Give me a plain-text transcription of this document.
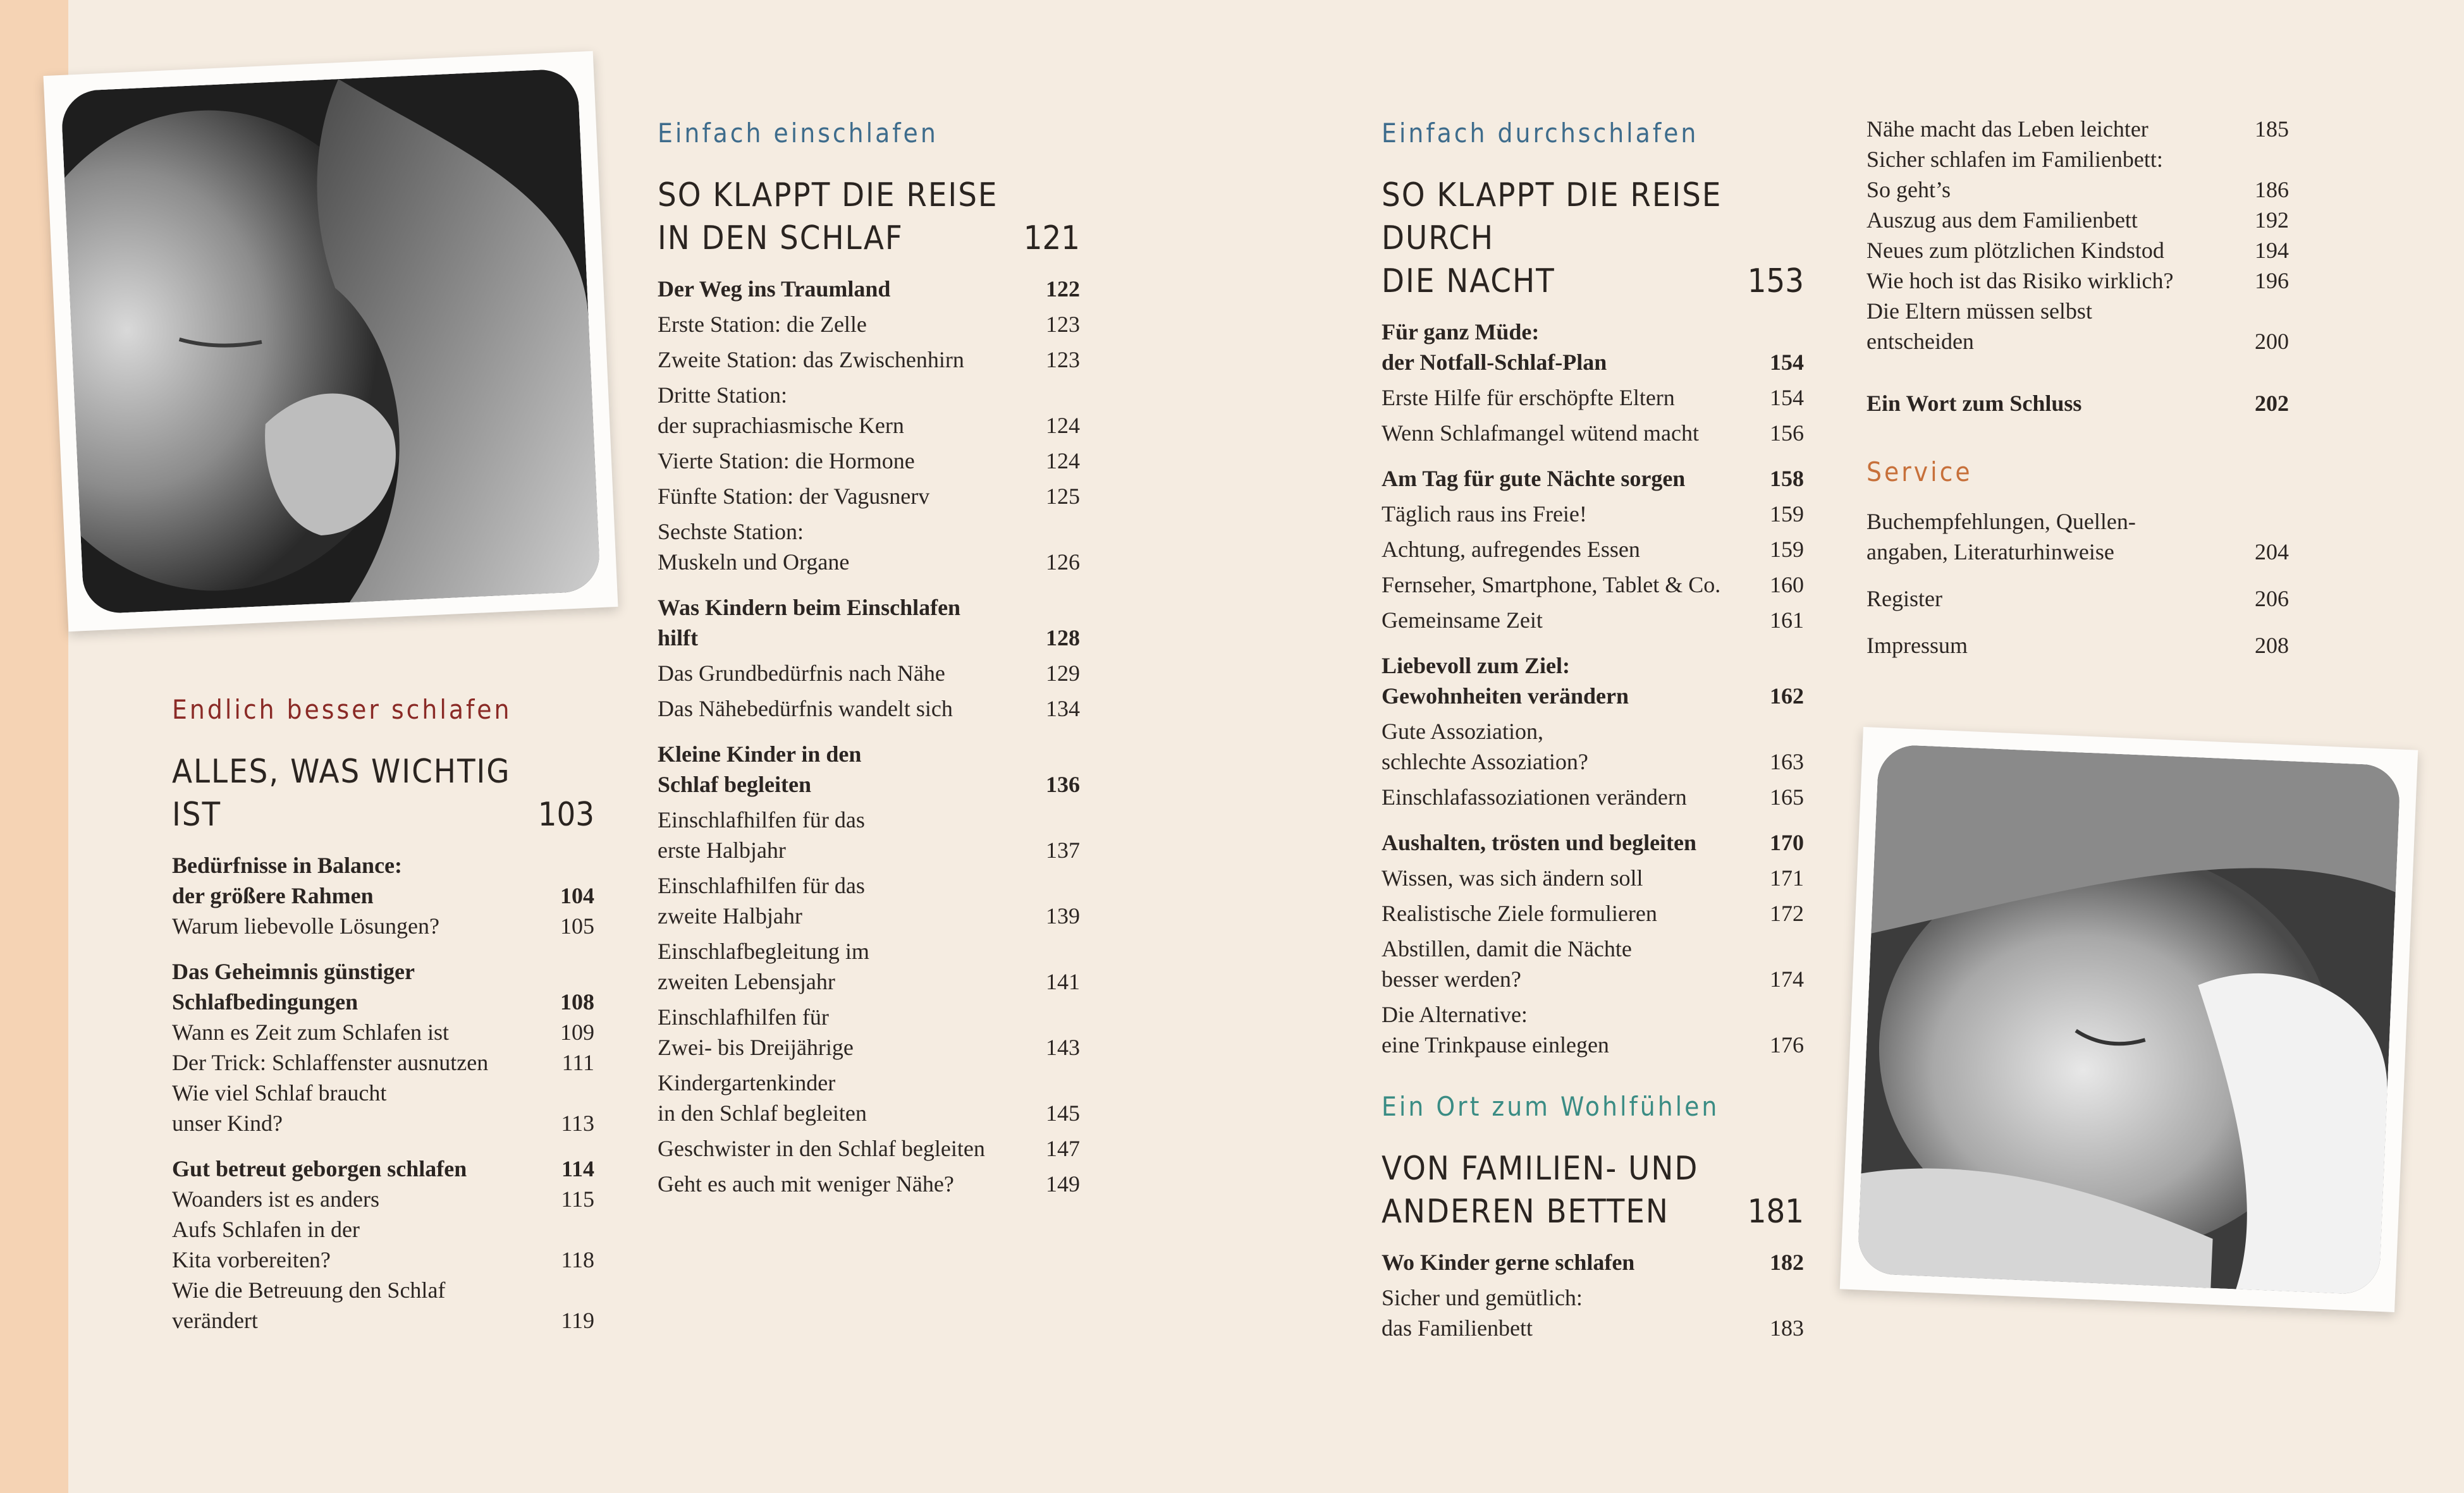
Endlich besser schlafen
ALLES, WAS WICHTIG IST	103
Bedürfnisse in Balance:
der größere Rahmen	104
Warum liebevolle Lösungen?	105
Das Geheimnis günstiger
Schlafbedingungen	108
Wann es Zeit zum Schlafen ist	109
Der Trick: Schlaffenster ausnutzen	111
Wie viel Schlaf braucht
unser Kind?	113
Gut betreut geborgen schlafen	114
Woanders ist es anders	115
Aufs Schlafen in der
Kita vorbereiten?	118
Wie die Betreuung den Schlaf
verändert	119
Einfach einschlafen
SO KLAPPT DIE REISE
IN DEN SCHLAF	121
Der Weg ins Traumland	122
Erste Station: die Zelle	123
Zweite Station: das Zwischenhirn	123
Dritte Station:
der suprachiasmische Kern	124
Vierte Station: die Hormone	124
Fünfte Station: der Vagusnerv	125
Sechste Station:
Muskeln und Organe	126
Was Kindern beim Einschlafen
hilft	128
Das Grundbedürfnis nach Nähe	129
Das Nähebedürfnis wandelt sich	134
Kleine Kinder in den
Schlaf begleiten	136
Einschlafhilfen für das
erste Halbjahr	137
Einschlafhilfen für das
zweite Halbjahr	139
Einschlafbegleitung im
zweiten Lebensjahr	141
Einschlafhilfen für
Zwei- bis Dreijährige	143
Kindergartenkinder
in den Schlaf begleiten	145
Geschwister in den Schlaf begleiten	147
Geht es auch mit weniger Nähe?	149
Einfach durchschlafen
SO KLAPPT DIE REISE DURCH
DIE NACHT	153
Für ganz Müde:
der Notfall-Schlaf-Plan	154
Erste Hilfe für erschöpfte Eltern	154
Wenn Schlafmangel wütend macht	156
Am Tag für gute Nächte sorgen	158
Täglich raus ins Freie!	159
Achtung, aufregendes Essen	159
Fernseher, Smartphone, Tablet & Co.	160
Gemeinsame Zeit	161
Liebevoll zum Ziel:
Gewohnheiten verändern	162
Gute Assoziation,
schlechte Assoziation?	163
Einschlafassoziationen verändern	165
Aushalten, trösten und begleiten	170
Wissen, was sich ändern soll	171
Realistische Ziele formulieren	172
Abstillen, damit die Nächte
besser werden?	174
Die Alternative:
eine Trinkpause einlegen	176
Ein Ort zum Wohlfühlen
VON FAMILIEN- UND
ANDEREN BETTEN	181
Wo Kinder gerne schlafen	182
Sicher und gemütlich:
das Familienbett	183
Nähe macht das Leben leichter	185
Sicher schlafen im Familienbett:
So geht’s	186
Auszug aus dem Familienbett	192
Neues zum plötzlichen Kindstod	194
Wie hoch ist das Risiko wirklich?	196
Die Eltern müssen selbst
entscheiden	200
Ein Wort zum Schluss	202
Service
Buchempfehlungen, Quellen-
angaben, Literaturhinweise	204
Register	206
Impressum	208
